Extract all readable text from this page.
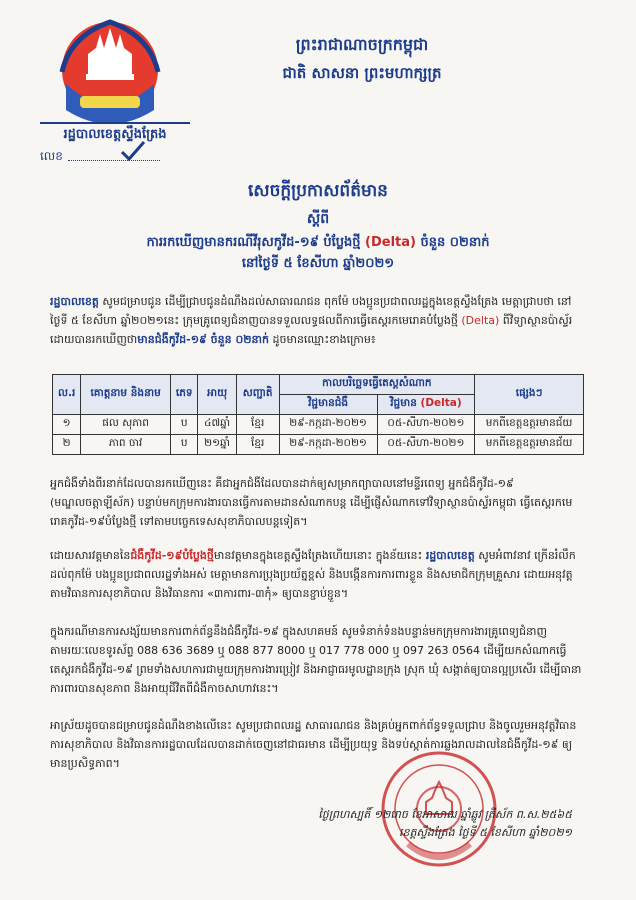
រដ្ឋបាលខេត្តស្ទឹងត្រែង
លេខ
ព្រះរាជាណាចក្រកម្ពុជា
ជាតិ សាសនា ព្រះមហាក្សត្រ
សេចក្តីប្រកាសព័ត៌មាន
ស្តីពី
ការរកឃើញមានករណីវីរុសកូវីដ-១៩ បំប្លែងថ្មី (Delta) ចំនួន ០២នាក់
នៅថ្ងៃទី ៥ ខែសីហា ឆ្នាំ២០២១
រដ្ឋបាលខេត្ត សូមជម្រាបជូន ដើម្បីជ្រាបជូនដំណឹងដល់សាធារណជន ពុកម៉ែ បងប្អូនប្រជាពលរដ្ឋក្នុងខេត្តស្ទឹងត្រែង មេត្តាជ្រាបថា នៅថ្ងៃទី ៥ ខែសីហា ឆ្នាំ២០២១នេះ ក្រុមគ្រូពេទ្យជំនាញបានទទួលលទ្ធផលពីការធ្វើតេស្តរកមេរោគបំប្លែងថ្មី (Delta) ពីវិទ្យាស្ថានប៉ាស្ទ័រ ដោយបានរកឃើញថាមានជំងឺកូវីដ-១៩ ចំនួន ០២នាក់ ដូចមានឈ្មោះខាងក្រោម៖
ល.រ	គោត្តនាម និងនាម	ភេទ	អាយុ	សញ្ជាតិ	កាលបរិច្ឆេទធ្វើតេស្តសំណាក		ផ្សេងៗ
					វិជ្ជមានជំងឺ	វិជ្ជមាន (Delta)	
១	ផល សុភាព	ប	៤៧ឆ្នាំ	ខ្មែរ	២៩-កក្កដា-២០២១	០៥-សីហា-២០២១	មកពីខេត្តឧត្តរមានជ័យ
២	ភាព ចាវ	ប	២១ឆ្នាំ	ខ្មែរ	២៩-កក្កដា-២០២១	០៥-សីហា-២០២១	មកពីខេត្តឧត្តរមានជ័យ
អ្នកជំងឺទាំងពីរនាក់ដែលបានរកឃើញនេះ គឺជាអ្នកជំងឺដែលបានដាក់ឲ្យសម្រាកព្យាបាលនៅមន្ទីរពេទ្យ អ្នកជំងឺកូវីដ-១៩ (មណ្ឌលចត្តាឡីស័ក) បន្ទាប់មកក្រុមការងារបានធ្វើការតាមដានសំណាកបន្ត ដើម្បីផ្ញើសំណាកទៅវិទ្យាស្ថានប៉ាស្ទ័រកម្ពុជា ធ្វើតេស្តរកមេរោគកូវីដ-១៩បំប្លែងថ្មី ទៅតាមបច្ចេកទេសសុខាភិបាលបន្តទៀត។
ដោយសារវត្តមាននៃជំងឺកូវីដ-១៩បំប្លែងថ្មីមានវត្តមានក្នុងខេត្តស្ទឹងត្រែងហើយនោះ ក្នុងន័យនេះ រដ្ឋបាលខេត្ត សូមអំពាវនាវ ក្រើនរំលឹកដល់ពុកម៉ែ បងប្អូនប្រជាពលរដ្ឋទាំងអស់ មេត្តាមានការប្រុងប្រយ័ត្នខ្ពស់ និងបង្កើនការការពារខ្លួន និងសមាជិកក្រុមគ្រួសារ ដោយអនុវត្តតាមវិធានការសុខាភិបាល និងវិធានការ «៣ការពារ-៣កុំ» ឲ្យបានខ្ជាប់ខ្ជួន។
ក្នុងករណីមានការសង្ស័យមានការពាក់ព័ន្ធនឹងជំងឺកូវីដ-១៩ ក្នុងសហគមន៍ សូមទំនាក់ទំនងបន្ទាន់មកក្រុមការងារគ្រូពេទ្យជំនាញតាមរយៈលេខទូរស័ព្ទ 088 636 3689 ឬ 088 877 8000 ឬ 017 778 000 ឬ 097 263 0564 ដើម្បីយកសំណាកធ្វើតេស្តរកជំងឺកូវីដ-១៩ ព្រមទាំងសហការជាមួយក្រុមការងារប្រៀវ និងអាជ្ញាធរមូលដ្ឋានក្រុង ស្រុក ឃុំ សង្កាត់ឲ្យបានល្អប្រសើរ ដើម្បីធានាការពារបានសុខភាព និងអាយុជីវិតពីជំងឺកាចសាហាវនេះ។
អាស្រ័យដូចបានជម្រាបជូនដំណឹងខាងលើនេះ សូមប្រជាពលរដ្ឋ សាធារណជន និងគ្រប់អ្នកពាក់ព័ន្ធទទួលជ្រាប និងចូលរួមអនុវត្តវិធានការសុខាភិបាល និងវិធានការរដ្ឋបាលដែលបានដាក់ចេញនៅជាធរមាន ដើម្បីប្រយុទ្ធ និងទប់ស្កាត់ការឆ្លងរាលដាលនៃជំងឺកូវីដ-១៩ ឲ្យមានប្រសិទ្ធភាព។
ថ្ងៃព្រហស្បតិ៍ ១២រោច ខែអាសាឍ ឆ្នាំឆ្លូវ ត្រីស័ក ព.ស.២៥៦៥
ខេត្តស្ទឹងត្រែង ថ្ងៃទី ៥ ខែសីហា ឆ្នាំ២០២១
